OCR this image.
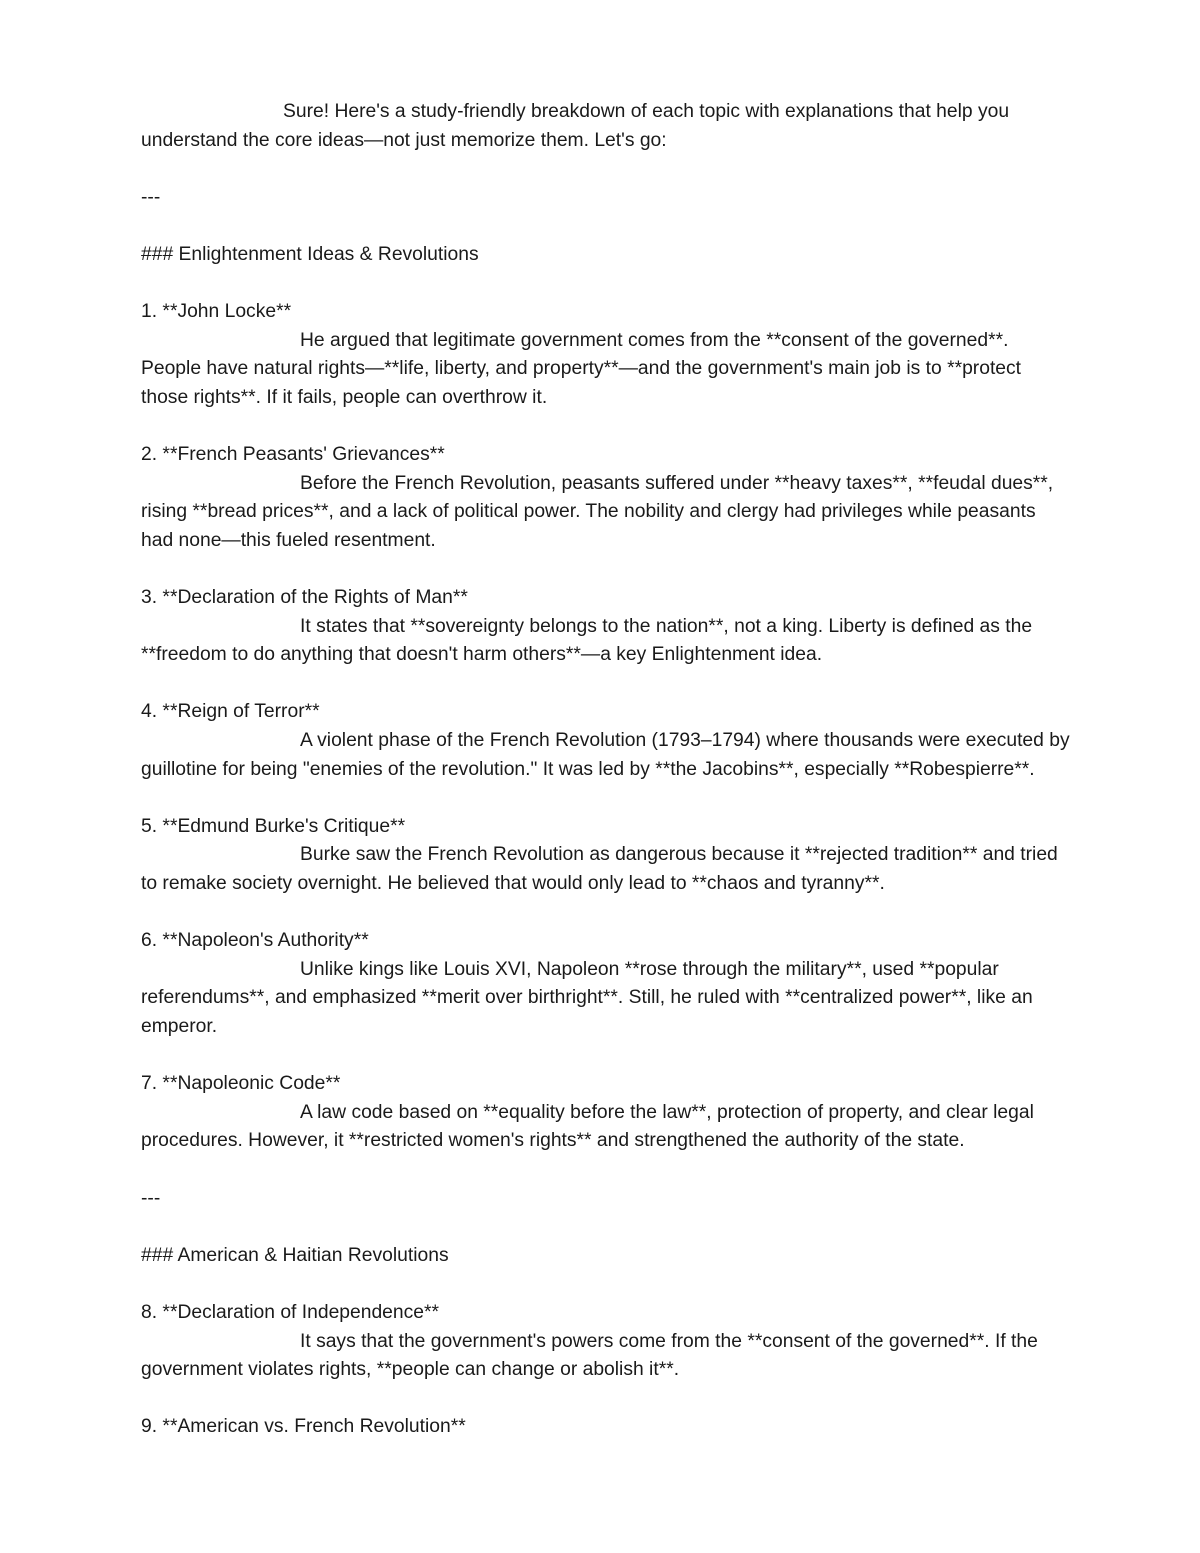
Sure! Here's a study-friendly breakdown of each topic with explanations that help you understand the core ideas—not just memorize them. Let's go:

---

### Enlightenment Ideas & Revolutions

1. **John Locke**

He argued that legitimate government comes from the **consent of the governed**. People have natural rights—**life, liberty, and property**—and the government's main job is to **protect those rights**. If it fails, people can overthrow it.

2. **French Peasants' Grievances**

Before the French Revolution, peasants suffered under **heavy taxes**, **feudal dues**, rising **bread prices**, and a lack of political power. The nobility and clergy had privileges while peasants had none—this fueled resentment.

3. **Declaration of the Rights of Man**

It states that **sovereignty belongs to the nation**, not a king. Liberty is defined as the **freedom to do anything that doesn't harm others**—a key Enlightenment idea.

4. **Reign of Terror**

A violent phase of the French Revolution (1793–1794) where thousands were executed by guillotine for being "enemies of the revolution." It was led by **the Jacobins**, especially **Robespierre**.

5. **Edmund Burke's Critique**

Burke saw the French Revolution as dangerous because it **rejected tradition** and tried to remake society overnight. He believed that would only lead to **chaos and tyranny**.

6. **Napoleon's Authority**

Unlike kings like Louis XVI, Napoleon **rose through the military**, used **popular referendums**, and emphasized **merit over birthright**. Still, he ruled with **centralized power**, like an emperor.

7. **Napoleonic Code**

A law code based on **equality before the law**, protection of property, and clear legal procedures. However, it **restricted women's rights** and strengthened the authority of the state.

---

### American & Haitian Revolutions

8. **Declaration of Independence**

It says that the government's powers come from the **consent of the governed**. If the government violates rights, **people can change or abolish it**.

9. **American vs. French Revolution**
